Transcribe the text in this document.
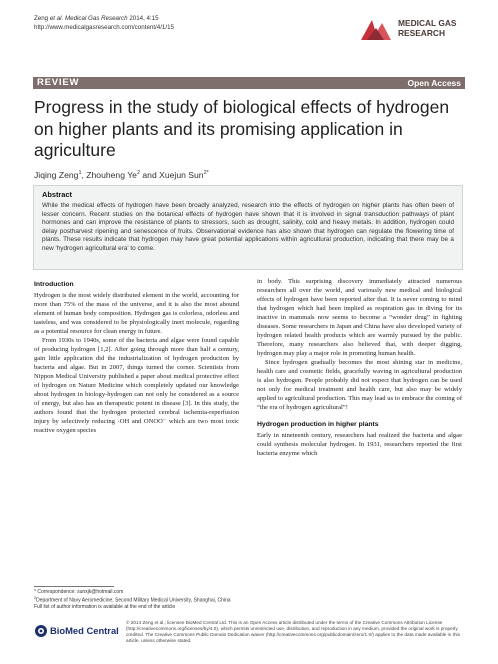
Zeng et al. Medical Gas Research 2014, 4:15
http://www.medicalgasresearch.com/content/4/1/15	MEDICAL GAS
RESEARCH
REVIEW	Open Access
Progress in the study of biological effects of hydrogen on higher plants and its promising application in agriculture
Jiqing Zeng$^1$, Zhouheng Ye$^2$ and Xuejun Sun$^{2*}$
Abstract
While the medical effects of hydrogen have been broadly analyzed, research into the effects of hydrogen on higher plants has often been of lesser concern. Recent studies on the botanical effects of hydrogen have shown that it is involved in signal transduction pathways of plant hormones and can improve the resistance of plants to stressors, such as drought, salinity, cold and heavy metals. In addition, hydrogen could delay postharvest ripening and senescence of fruits. Observational evidence has also shown that hydrogen can regulate the flowering time of plants. These results indicate that hydrogen may have great potential applications within agricultural production, indicating that there may be a new 'hydrogen agricultural era' to come.
Introduction

Hydrogen is the most widely distributed element in the world, accounting for more than 75% of the mass of the universe, and it is also the most abound element of human body composition. Hydrogen gas is colorless, odorless and tasteless, and was considered to be physiologically inert molecule, regarding as a potential resource for clean energy in future.

From 1930s to 1940s, some of the bacteria and algae were found capable of producing hydrogen [1,2]. After going through more than half a century, gain little application did the industrialization of hydrogen production by bacteria and algae. But in 2007, things turned the corner. Scientists from Nippon Medical University published a paper about medical protective effect of hydrogen on Nature Medicine which completely updated our knowledge about hydrogen in biology-hydrogen can not only be considered as a source of energy, but also has an therapeutic potent in disease [3]. In this study, the authors found that the hydrogen protected cerebral ischemia-reperfusion injury by selectively reducing ·OH and ONOO⁻ which are two most toxic reactive oxygen species

in body. This surprising discovery immediately attracted numerous researchers all over the world, and variously new medical and biological effects of hydrogen have been reported after that. It is never coming to mind that hydrogen which had been implied as respiration gas in diving for its inactive in mammals now seems to become a “wonder drug” in fighting diseases. Some researchers in Japan and China have also developed variety of hydrogen related health products which are warmly pursued by the public. Therefore, many researchers also believed that, with deeper digging, hydrogen may play a major role in promoting human health.

Since hydrogen gradually becomes the most shining star in medicine, health care and cosmetic fields, gracefully waving in agricultural production is also hydrogen. People probably did not expect that hydrogen can be used not only for medical treatment and health care, but also may be widely applied to agricultural production. This may lead us to embrace the coming of “the era of hydrogen agricultural”!

Hydrogen production in higher plants

Early in nineteenth century, researchers had realized the bacteria and algae could synthesis molecular hydrogen. In 1931, researchers reported the first bacteria enzyme which

* Correspondence: sunxjk@hotmail.com
$^2$Department of Navy Aeromedicine, Second Military Medical University, Shanghai, China
Full list of author information is available at the end of the article
BioMed Central
© 2014 Zeng et al.; licensee BioMed Central Ltd. This is an Open Access article distributed under the terms of the Creative Commons Attribution License (http://creativecommons.org/licenses/by/4.0), which permits unrestricted use, distribution, and reproduction in any medium, provided the original work is properly credited. The Creative Commons Public Domain Dedication waiver (http://creativecommons.org/publicdomain/zero/1.0/) applies to the data made available in this article, unless otherwise stated.
